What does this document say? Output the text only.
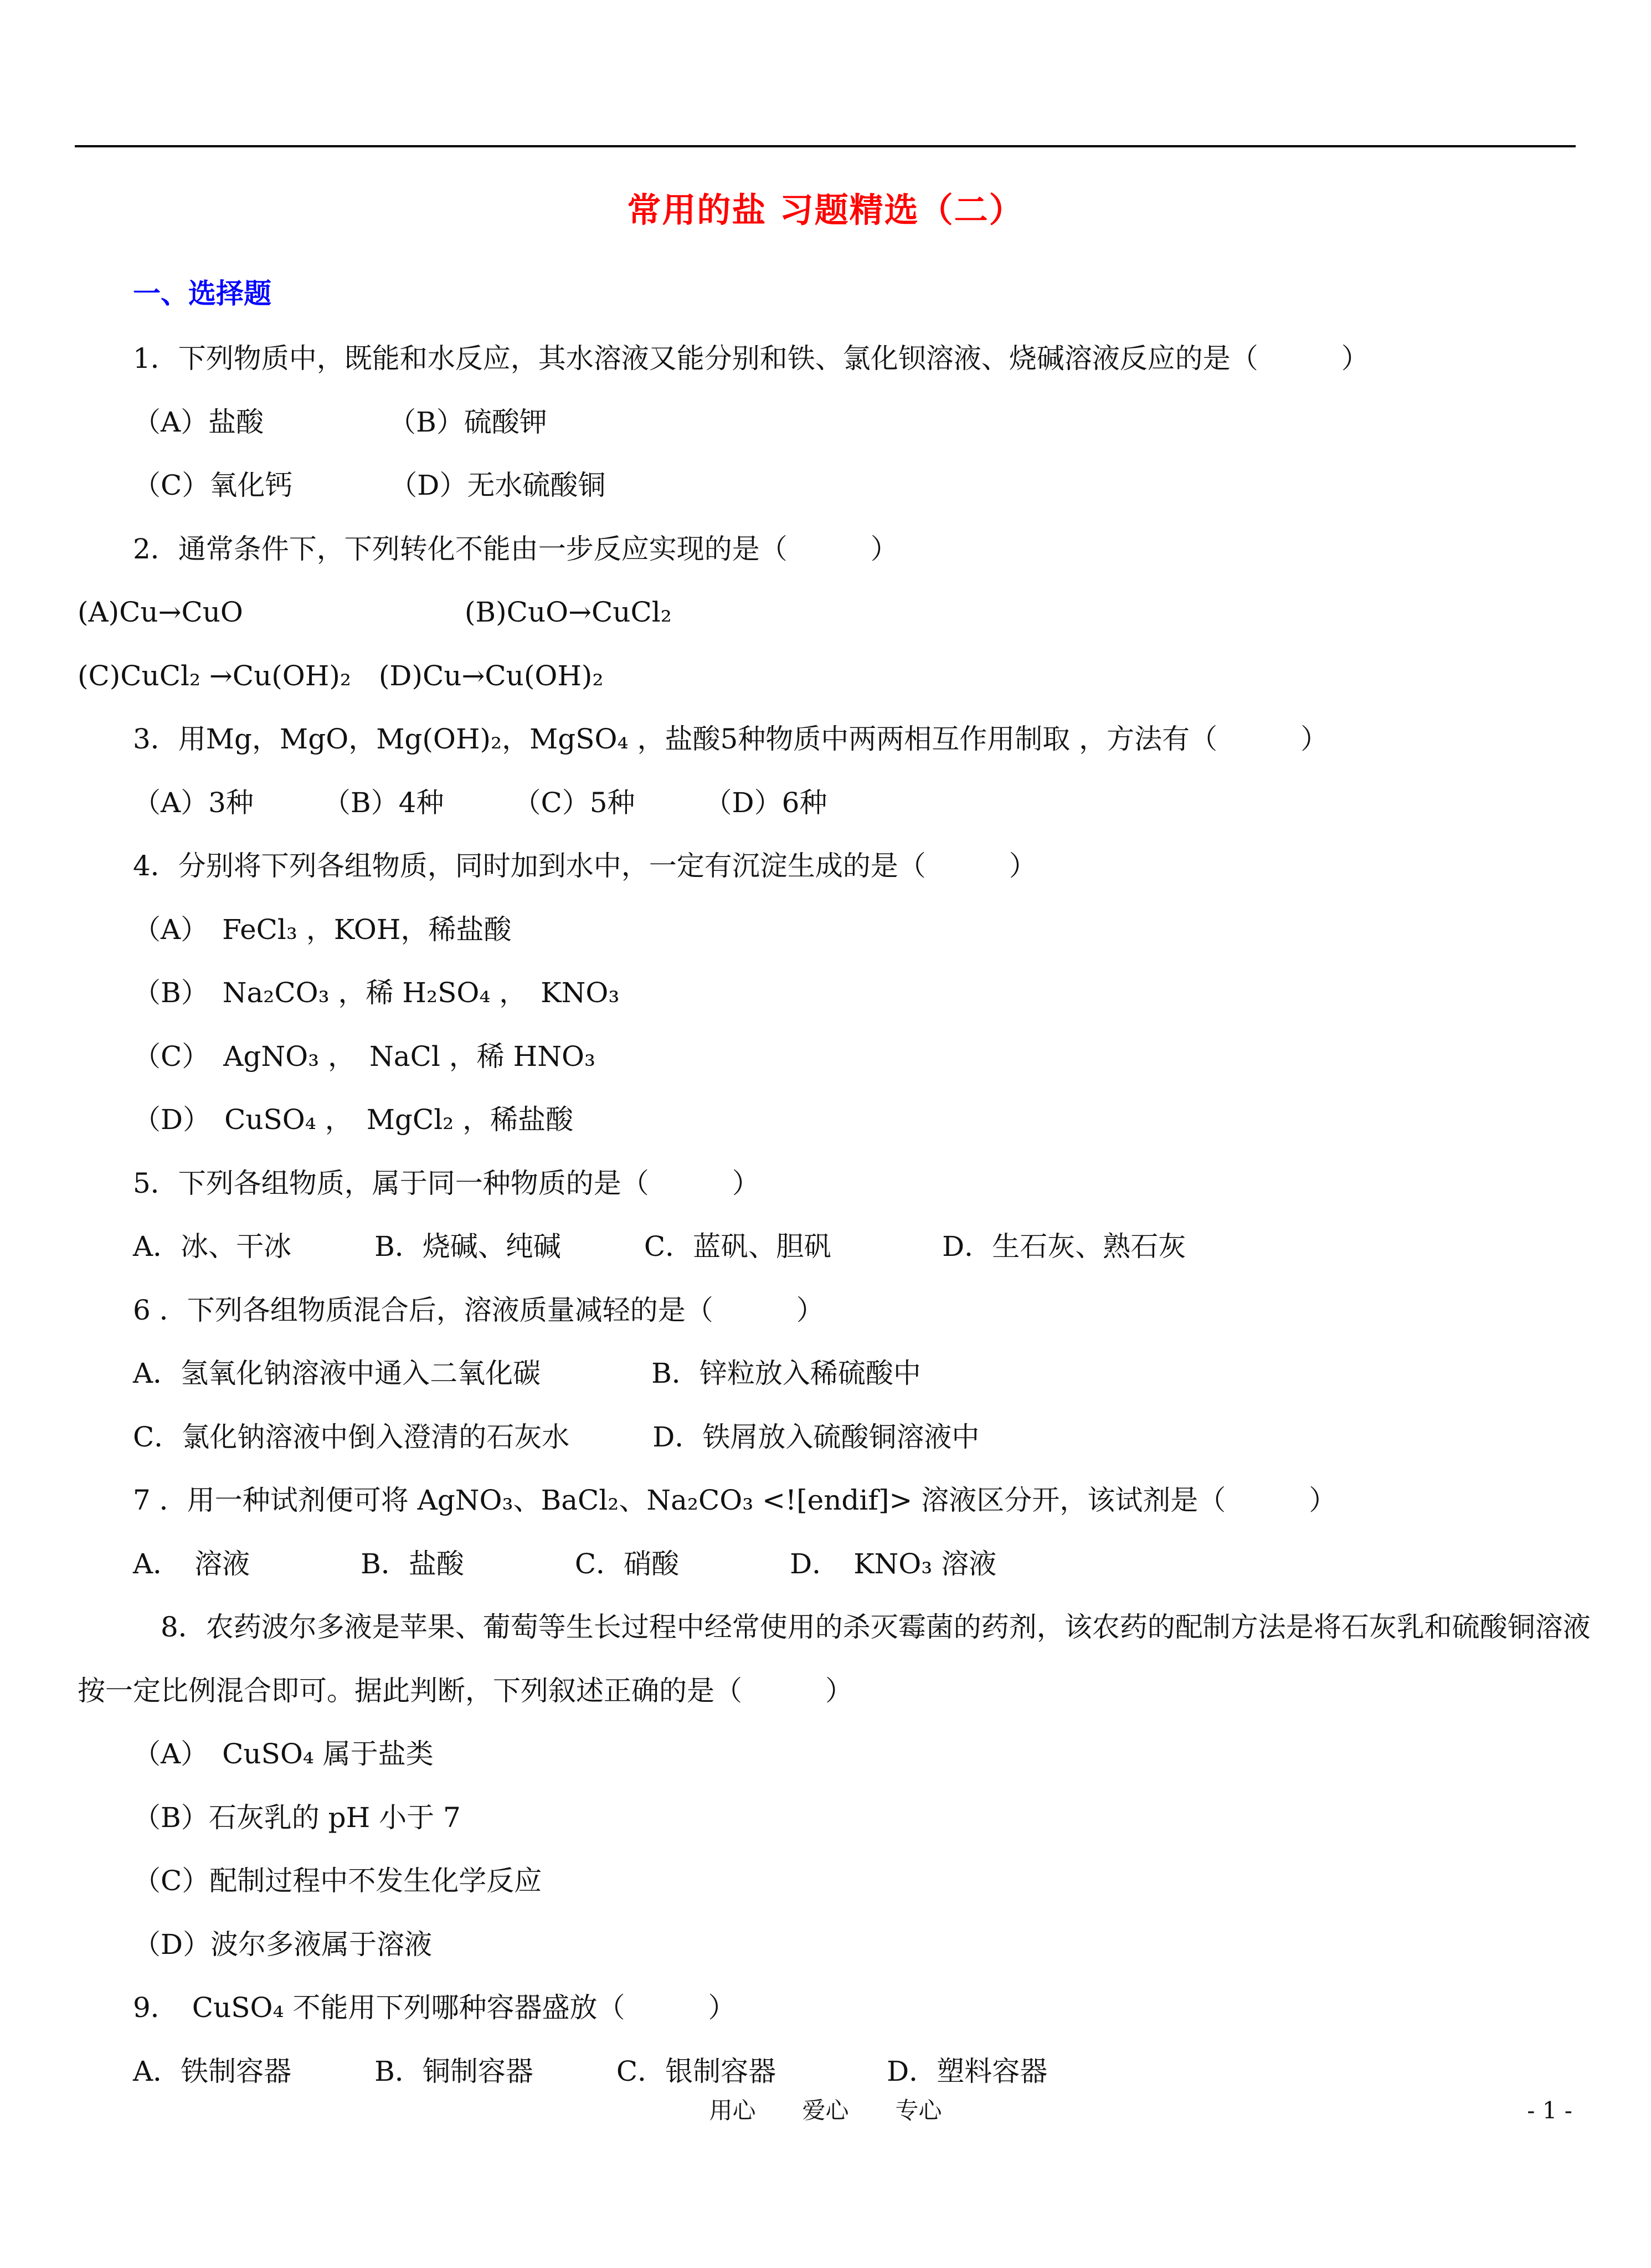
常用的盐 习题精选（二）
一、选择题
1．下列物质中，既能和水反应，其水溶液又能分别和铁、氯化钡溶液、烧碱溶液反应的是（　　　）
（A）盐酸　　　　　（B）硫酸钾
（C）氧化钙　　　　（D）无水硫酸铜
2．通常条件下，下列转化不能由一步反应实现的是（　　　）
(A)Cu→CuO　　　　　　　　(B)CuO→CuCl₂
(C)CuCl₂ →Cu(OH)₂　(D)Cu→Cu(OH)₂
3．用Mg，MgO，Mg(OH)₂，MgSO₄ ，盐酸5种物质中两两相互作用制取 ，方法有（　　　）
（A）3种　　　（B）4种　　　（C）5种　　　（D）6种
4．分别将下列各组物质，同时加到水中，一定有沉淀生成的是（　　　）
（A）　FeCl₃ ，KOH，稀盐酸
（B）　Na₂CO₃ ，稀 H₂SO₄ ，　KNO₃
（C）　AgNO₃ ，　NaCl ，稀 HNO₃
（D）　CuSO₄ ，　MgCl₂ ，稀盐酸
5．下列各组物质，属于同一种物质的是（　　　）
A．冰、干冰　　　B．烧碱、纯碱　　　C．蓝矾、胆矾　　　　D．生石灰、熟石灰
6 ．下列各组物质混合后，溶液质量减轻的是（　　　）
A．氢氧化钠溶液中通入二氧化碳　　　　B．锌粒放入稀硫酸中
C．氯化钠溶液中倒入澄清的石灰水　　　D．铁屑放入硫酸铜溶液中
7 ．用一种试剂便可将 AgNO₃、BaCl₂、Na₂CO₃ <![endif]> 溶液区分开，该试剂是（　　　）
A．　溶液　　　　B．盐酸　　　　C．硝酸　　　　D．　KNO₃ 溶液
　8．农药波尔多液是苹果、葡萄等生长过程中经常使用的杀灭霉菌的药剂，该农药的配制方法是将石灰乳和硫酸铜溶液
按一定比例混合即可。据此判断，下列叙述正确的是（　　　）
（A）　CuSO₄ 属于盐类
（B）石灰乳的 pH 小于 7
（C）配制过程中不发生化学反应
（D）波尔多液属于溶液
9．　CuSO₄ 不能用下列哪种容器盛放（　　　）
A．铁制容器　　　B．铜制容器　　　C．银制容器　　　　D．塑料容器
用心　　爱心　　专心	- 1 -
